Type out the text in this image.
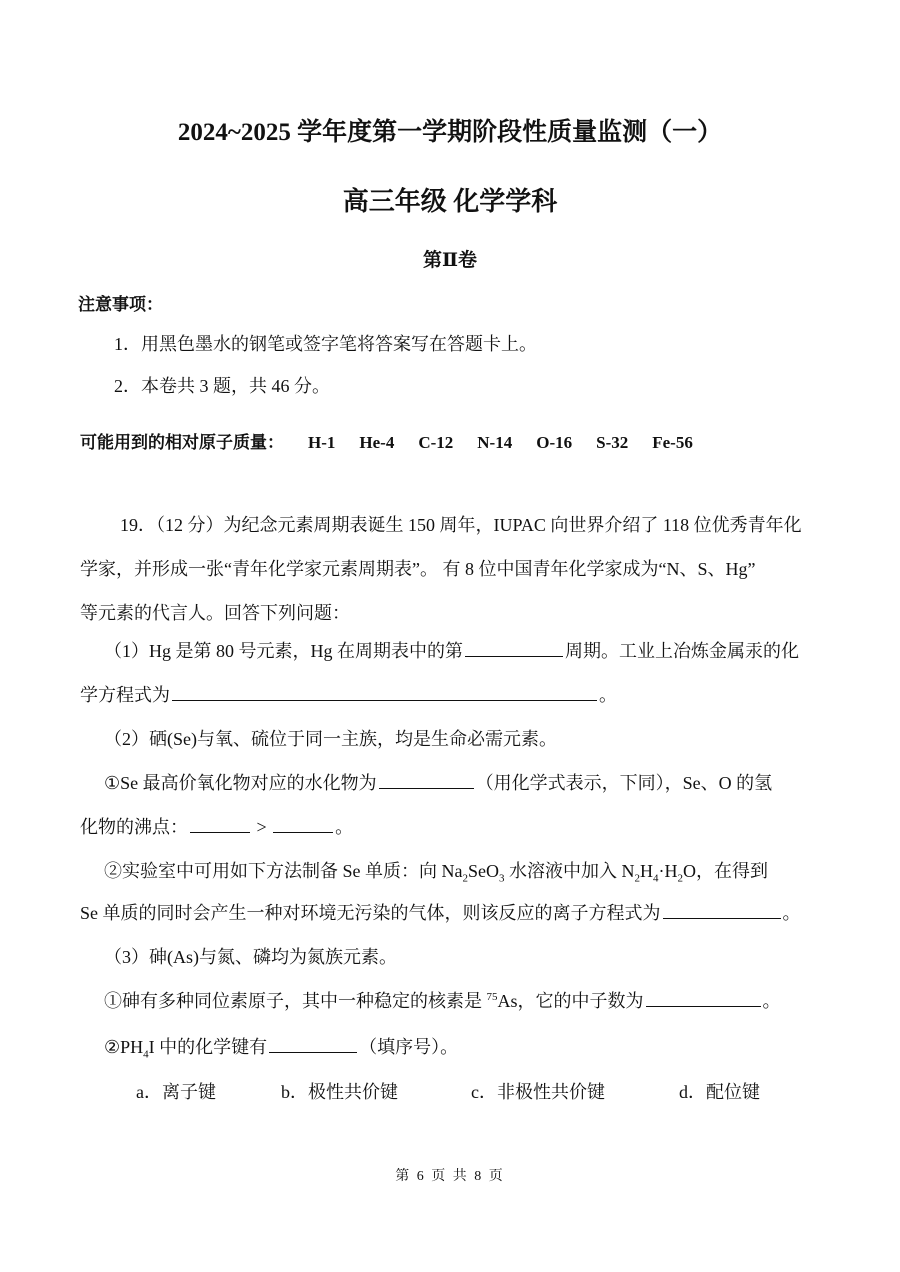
2024~2025 学年度第一学期阶段性质量监测（一）
高三年级 化学学科
第Ⅱ卷
注意事项：
1．用黑色墨水的钢笔或签字笔将答案写在答题卡上。
2．本卷共 3 题，共 46 分。
可能用到的相对原子质量： H-1 He-4 C-12 N-14 O-16 S-32 Fe-56
19．（12 分）为纪念元素周期表诞生 150 周年，IUPAC 向世界介绍了 118 位优秀青年化
学家，并形成一张“青年化学家元素周期表”。 有 8 位中国青年化学家成为“N、S、Hg”
等元素的代言人。回答下列问题：
（1）Hg 是第 80 号元素，Hg 在周期表中的第	周期。工业上冶炼金属汞的化
学方程式为	。
（2）硒(Se)与氧、硫位于同一主族，均是生命必需元素。
①Se 最高价氧化物对应的水化物为	（用化学式表示，下同），Se、O 的氢
化物的沸点：	>	。
②实验室中可用如下方法制备 Se 单质：向 $Na_2SeO_3$ 水溶液中加入 $N_2H_4\cdot H_2O$，在得到
Se 单质的同时会产生一种对环境无污染的气体，则该反应的离子方程式为	。
（3）砷(As)与氮、磷均为氮族元素。
①砷有多种同位素原子，其中一种稳定的核素是 $^{75}$As，它的中子数为	。
$②PH_4I$ 中的化学键有	（填序号）。
a．离子键	b．极性共价键	c．非极性共价键	d．配位键
第 6 页 共 8 页
